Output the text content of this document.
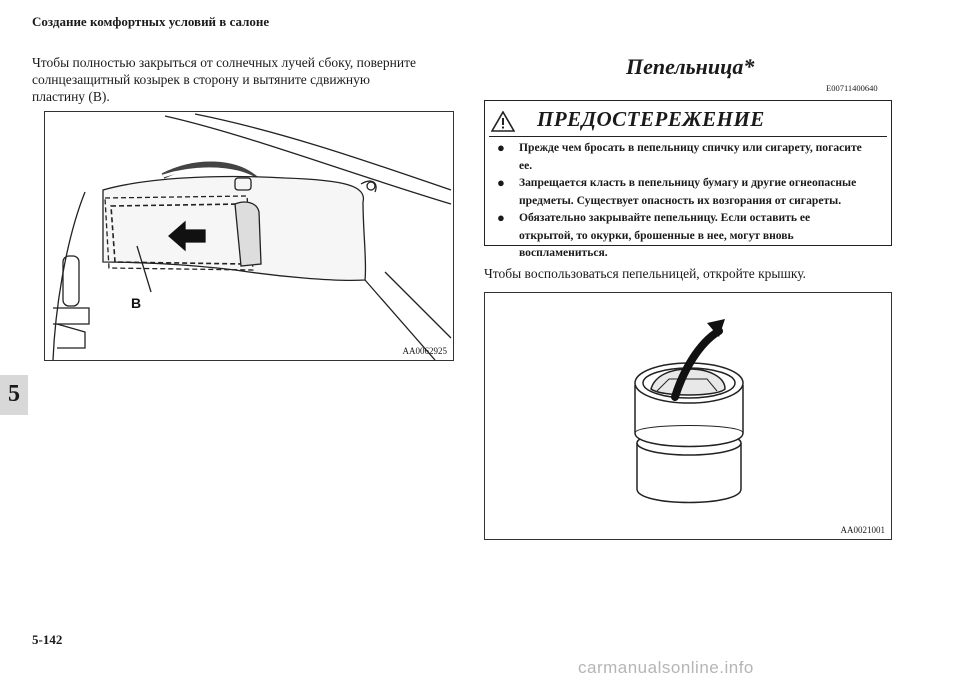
Создание комфортных условий в салоне
Чтобы полностью закрыться от солнечных лучей сбоку, поверните
солнцезащитный козырек в сторону и вытяните сдвижную
пластину (B).
B
AA0062925
Пепельница*
E00711400640
ПРЕДОСТЕРЕЖЕНИЕ
● Прежде чем бросать в пепельницу спичку или сигарету, погасите
ее.
● Запрещается класть в пепельницу бумагу и другие огнеопасные
предметы. Существует опасность их возгорания от сигареты.
● Обязательно закрывайте пепельницу. Если оставить ее
открытой, то окурки, брошенные в нее, могут вновь
воспламениться.
Чтобы воспользоваться пепельницей, откройте крышку.
AA0021001
5
5-142
carmanualsonline.info
